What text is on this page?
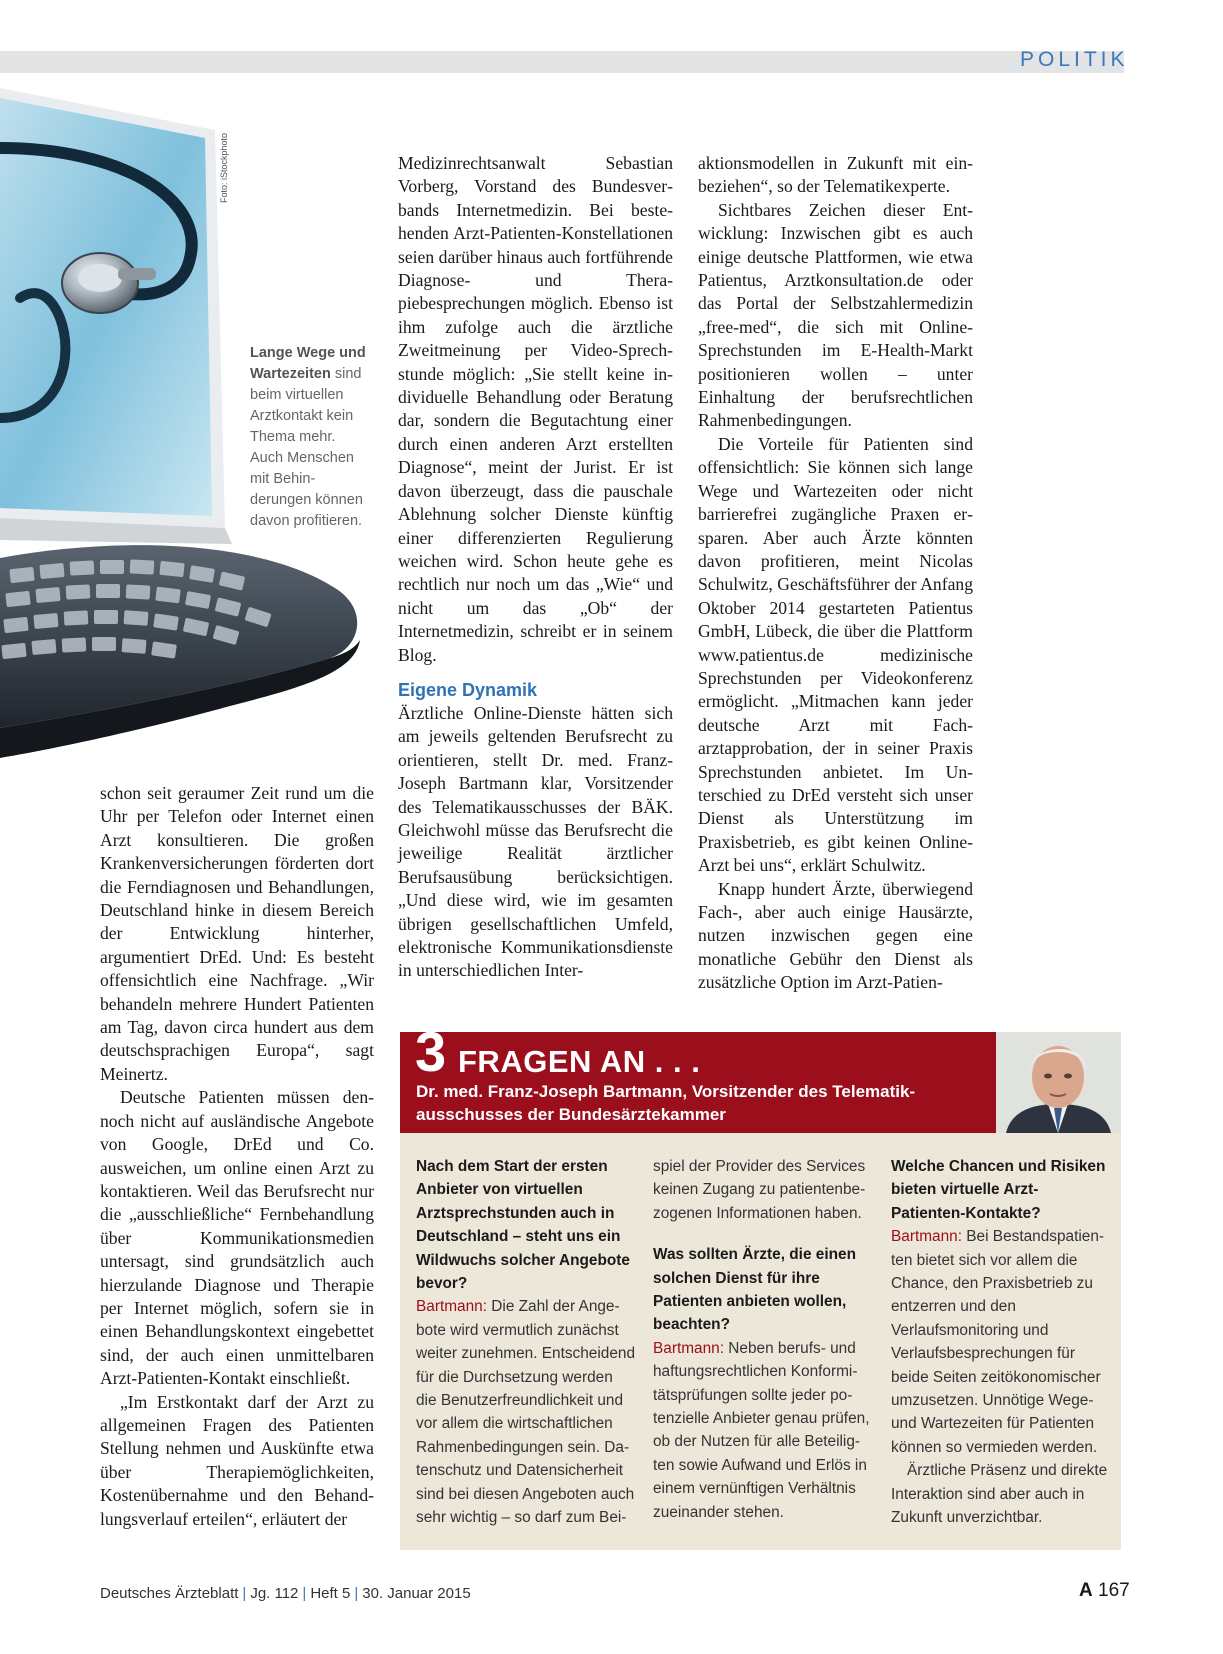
POLITIK
Foto: iStockphoto
Lange Wege und Wartezeiten sind beim virtuellen Arztkontakt kein Thema mehr. Auch Menschen mit Behinderungen können davon profitieren.

schon seit geraumer Zeit rund um die Uhr per Telefon oder Internet einen Arzt konsultieren. Die großen Krankenversicherungen förderten dort die Ferndiagnosen und Behandlungen, Deutschland hinke in diesem Bereich der Entwicklung hinterher, argumentiert DrEd. Und: Es besteht offensichtlich eine Nachfrage. „Wir behandeln mehrere Hundert Patienten am Tag, davon circa hundert aus dem deutschsprachigen Europa“, sagt Meinertz.

Deutsche Patienten müssen dennoch nicht auf ausländische Angebote von Google, DrEd und Co. ausweichen, um online einen Arzt zu kontaktieren. Weil das Berufsrecht nur die „ausschließliche“ Fernbehandlung über Kommunikationsmedien untersagt, sind grundsätzlich auch hierzulande Diagnose und Therapie per Internet möglich, sofern sie in einen Behandlungskontext eingebettet sind, der auch einen unmittelbaren Arzt-Patienten-Kontakt einschließt.

„Im Erstkontakt darf der Arzt zu allgemeinen Fragen des Patienten Stellung nehmen und Auskünfte etwa über Therapiemöglichkeiten, Kostenübernahme und den Behandlungsverlauf erteilen“, erläutert der

Medizinrechtsanwalt Sebastian Vorberg, Vorstand des Bundesverbands Internetmedizin. Bei bestehenden Arzt-Patienten-Konstellationen seien darüber hinaus auch fortführende Diagnose- und Therapiebesprechungen möglich. Ebenso ist ihm zufolge auch die ärztliche Zweitmeinung per Video-Sprechstunde möglich: „Sie stellt keine individuelle Behandlung oder Beratung dar, sondern die Begutachtung einer durch einen anderen Arzt erstellten Diagnose“, meint der Jurist. Er ist davon überzeugt, dass die pauschale Ablehnung solcher Dienste künftig einer differenzierten Regulierung weichen wird. Schon heute gehe es rechtlich nur noch um das „Wie“ und nicht um das „Ob“ der Internetmedizin, schreibt er in seinem Blog.

Eigene Dynamik

Ärztliche Online-Dienste hätten sich am jeweils geltenden Berufsrecht zu orientieren, stellt Dr. med. Franz-Joseph Bartmann klar, Vorsitzender des Telematikausschusses der BÄK. Gleichwohl müsse das Berufsrecht die jeweilige Realität ärztlicher Berufsausübung berücksichtigen. „Und diese wird, wie im gesamten übrigen gesellschaftlichen Umfeld, elektronische Kommunikationsdienste in unterschiedlichen Inter-

aktionsmodellen in Zukunft mit einbeziehen“, so der Telematikexperte.

Sichtbares Zeichen dieser Entwicklung: Inzwischen gibt es auch einige deutsche Plattformen, wie etwa Patientus, Arztkonsultation.de oder das Portal der Selbstzahlermedizin „free-med“, die sich mit Online-Sprechstunden im E-Health-Markt positionieren wollen – unter Einhaltung der berufsrechtlichen Rahmenbedingungen.

Die Vorteile für Patienten sind offensichtlich: Sie können sich lange Wege und Wartezeiten oder nicht barrierefrei zugängliche Praxen ersparen. Aber auch Ärzte könnten davon profitieren, meint Nicolas Schulwitz, Geschäftsführer der Anfang Oktober 2014 gestarteten Patientus GmbH, Lübeck, die über die Plattform www.patientus.de medizinische Sprechstunden per Videokonferenz ermöglicht. „Mitmachen kann jeder deutsche Arzt mit Facharztapprobation, der in seiner Praxis Sprechstunden anbietet. Im Unterschied zu DrEd versteht sich unser Dienst als Unterstützung im Praxisbetrieb, es gibt keinen Online-Arzt bei uns“, erklärt Schulwitz.

Knapp hundert Ärzte, überwiegend Fach-, aber auch einige Hausärzte, nutzen inzwischen gegen eine monatliche Gebühr den Dienst als zusätzliche Option im Arzt-Patien-

3 FRAGEN AN . . .
Dr. med. Franz-Joseph Bartmann, Vorsitzender des Telematikausschusses der Bundesärztekammer

Nach dem Start der ersten Anbieter von virtuellen Arztsprechstunden auch in Deutschland – steht uns ein Wildwuchs solcher Angebote bevor?

Bartmann: Die Zahl der Angebote wird vermutlich zunächst weiter zunehmen. Entscheidend für die Durchsetzung werden die Benutzerfreundlichkeit und vor allem die wirtschaftlichen Rahmenbedingungen sein. Datenschutz und Datensicherheit sind bei diesen Angeboten auch sehr wichtig – so darf zum Bei-

spiel der Provider des Services keinen Zugang zu patientenbezogenen Informationen haben.

Was sollten Ärzte, die einen solchen Dienst für ihre Patienten anbieten wollen, beachten?

Bartmann: Neben berufs- und haftungsrechtlichen Konformitätsprüfungen sollte jeder potenzielle Anbieter genau prüfen, ob der Nutzen für alle Beteiligten sowie Aufwand und Erlös in einem vernünftigen Verhältnis zueinander stehen.

Welche Chancen und Risiken bieten virtuelle Arzt-Patienten-Kontakte?

Bartmann: Bei Bestandspatienten bietet sich vor allem die Chance, den Praxisbetrieb zu entzerren und den Verlaufsmonitoring und Verlaufsbesprechungen für beide Seiten zeitökonomischer umzusetzen. Unnötige Wege- und Wartezeiten für Patienten können so vermieden werden.

Ärztliche Präsenz und direkte Interaktion sind aber auch in Zukunft unverzichtbar.

Deutsches Ärzteblatt | Jg. 112 | Heft 5 | 30. Januar 2015	A 167
